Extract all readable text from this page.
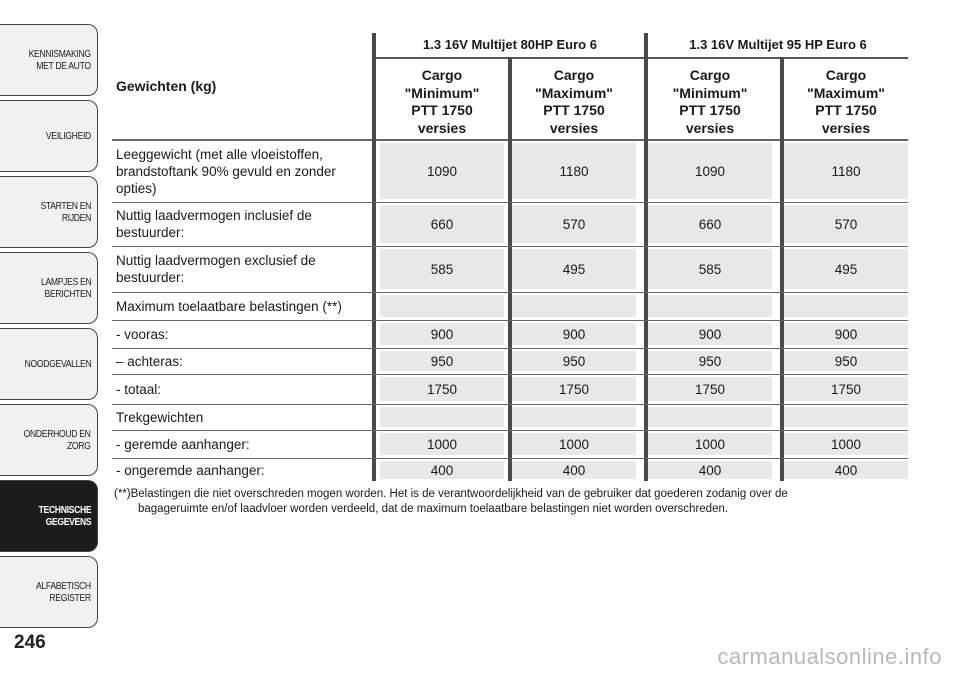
KENNISMAKING
MET DE AUTO
VEILIGHEID
STARTEN EN RIJDEN
LAMPJES EN
BERICHTEN
NOODGEVALLEN
ONDERHOUD EN
ZORG
TECHNISCHE
GEGEVENS
ALFABETISCH
REGISTER
246
1.3 16V Multijet 80HP Euro 6	1.3 16V Multijet 95 HP Euro 6
Gewichten (kg)
Cargo
"Minimum"
PTT 1750
versies
Cargo
"Maximum"
PTT 1750
versies
Cargo
"Minimum"
PTT 1750
versies
Cargo
"Maximum"
PTT 1750
versies
Leeggewicht (met alle vloeistoffen,
brandstoftank 90% gevuld en zonder
opties)
1090	1180	1090	1180
Nuttig laadvermogen inclusief de
bestuurder:
660	570	660	570
Nuttig laadvermogen exclusief de
bestuurder:
585	495	585	495
Maximum toelaatbare belastingen (**)
- vooras:	900	900	900	900
– achteras:	950	950	950	950
- totaal:	1750	1750	1750	1750
Trekgewichten
- geremde aanhanger:	1000	1000	1000	1000
- ongeremde aanhanger:	400	400	400	400
(**)Belastingen die niet overschreden mogen worden. Het is de verantwoordelijkheid van de gebruiker dat goederen zodanig over de
bagageruimte en/of laadvloer worden verdeeld, dat de maximum toelaatbare belastingen niet worden overschreden.
carmanualsonline.info
